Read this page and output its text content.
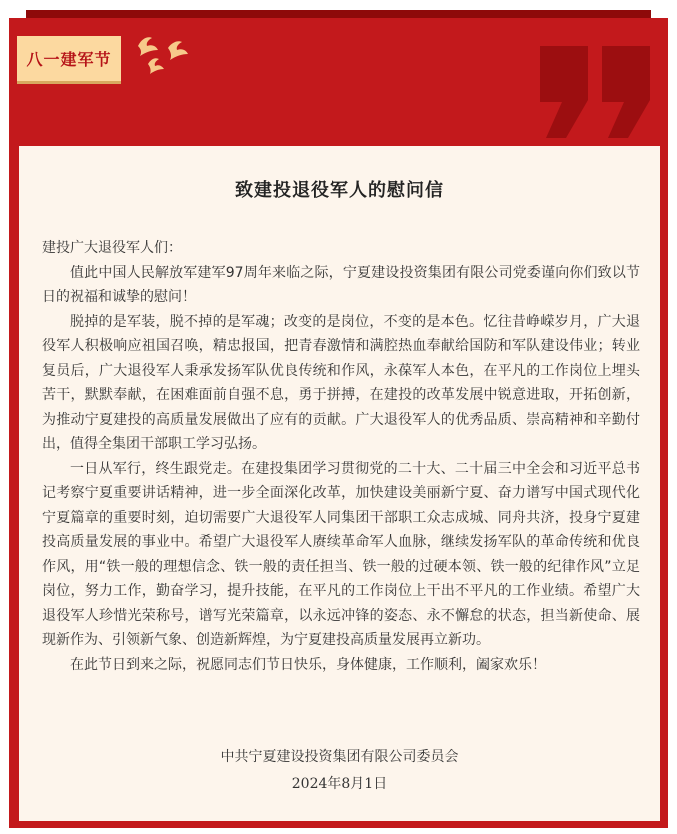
八一建军节
致建投退役军人的慰问信

建投广大退役军人们：

值此中国人民解放军建军97周年来临之际，宁夏建设投资集团有限公司党委谨向你们致以节日的祝福和诚挚的慰问！

脱掉的是军装，脱不掉的是军魂；改变的是岗位，不变的是本色。忆往昔峥嵘岁月，广大退役军人积极响应祖国召唤，精忠报国，把青春激情和满腔热血奉献给国防和军队建设伟业；转业复员后，广大退役军人秉承发扬军队优良传统和作风，永葆军人本色，在平凡的工作岗位上埋头苦干，默默奉献，在困难面前自强不息，勇于拼搏，在建投的改革发展中锐意进取，开拓创新，为推动宁夏建投的高质量发展做出了应有的贡献。广大退役军人的优秀品质、崇高精神和辛勤付出，值得全集团干部职工学习弘扬。

一日从军行，终生跟党走。在建投集团学习贯彻党的二十大、二十届三中全会和习近平总书记考察宁夏重要讲话精神，进一步全面深化改革，加快建设美丽新宁夏、奋力谱写中国式现代化宁夏篇章的重要时刻，迫切需要广大退役军人同集团干部职工众志成城、同舟共济，投身宁夏建投高质量发展的事业中。希望广大退役军人赓续革命军人血脉，继续发扬军队的革命传统和优良作风，用“铁一般的理想信念、铁一般的责任担当、铁一般的过硬本领、铁一般的纪律作风”立足岗位，努力工作，勤奋学习，提升技能，在平凡的工作岗位上干出不平凡的工作业绩。希望广大退役军人珍惜光荣称号，谱写光荣篇章，以永远冲锋的姿态、永不懈怠的状态，担当新使命、展现新作为、引领新气象、创造新辉煌，为宁夏建投高质量发展再立新功。

在此节日到来之际，祝愿同志们节日快乐，身体健康，工作顺利，阖家欢乐！

中共宁夏建设投资集团有限公司委员会
2024年8月1日
